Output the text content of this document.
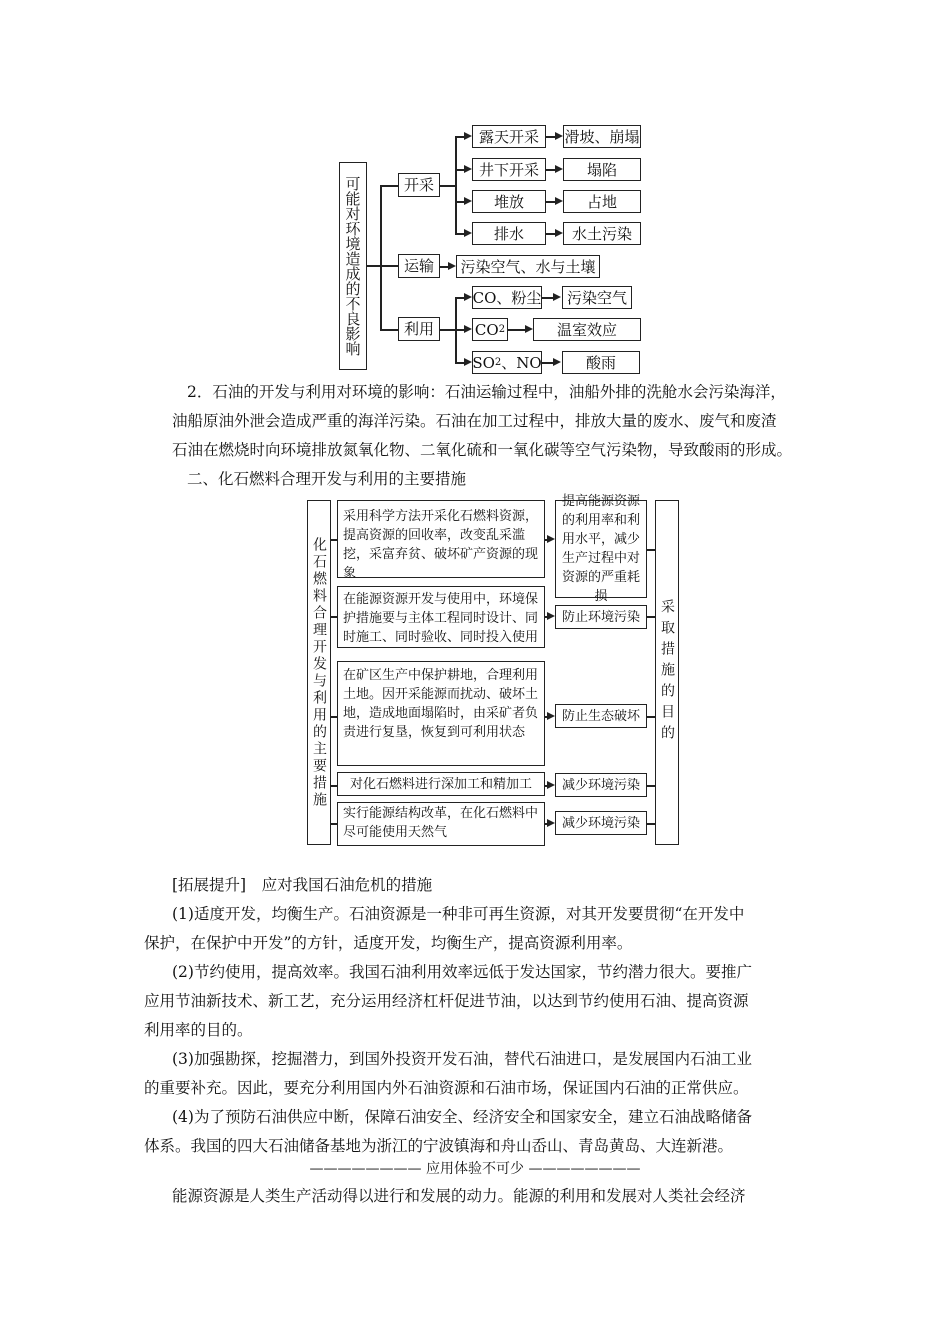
可能对环境造成的不良影响	开采
露天开采
井下开采
堆放
排水
滑坡、崩塌
塌陷
占地
水土污染
运输 污染空气、水与土壤
利用
CO、粉尘
CO 2
SO 2 、NO
污染空气
温室效应
酸雨
2．石油的开发与利用对环境的影响：石油运输过程中，油船外排的洗舱水会污染海洋，
油船原油外泄会造成严重的海洋污染。石油在加工过程中，排放大量的废水、废气和废渣
石油在燃烧时向环境排放氮氧化物、二氧化硫和一氧化碳等空气污染物，导致酸雨的形成。
二、化石燃料合理开发与利用的主要措施
化石燃料合理开发与利用的主要措施	采取措施的目的
采用科学方法开采化石燃料资源，提高资源的回收率，改变乱采滥挖，采富弃贫、破坏矿产资源的现象
在能源资源开发与使用中，环境保护措施要与主体工程同时设计、同时施工、同时验收、同时投入使用
在矿区生产中保护耕地，合理利用土地。因开采能源而扰动、破坏土地，造成地面塌陷时，由采矿者负责进行复垦，恢复到可利用状态
对化石燃料进行深加工和精加工
实行能源结构改革，在化石燃料中尽可能使用天然气
提高能源资源的利用率和利用水平，减少生产过程中对资源的严重耗损
防止环境污染
防止生态破坏
减少环境污染
减少环境污染
[拓展提升]　应对我国石油危机的措施
(1)适度开发，均衡生产。石油资源是一种非可再生资源，对其开发要贯彻“在开发中
保护，在保护中开发”的方针，适度开发，均衡生产，提高资源利用率。
(2)节约使用，提高效率。我国石油利用效率远低于发达国家，节约潜力很大。要推广
应用节油新技术、新工艺，充分运用经济杠杆促进节油，以达到节约使用石油、提高资源
利用率的目的。
(3)加强勘探，挖掘潜力，到国外投资开发石油，替代石油进口，是发展国内石油工业
的重要补充。因此，要充分利用国内外石油资源和石油市场，保证国内石油的正常供应。
(4)为了预防石油供应中断，保障石油安全、经济安全和国家安全，建立石油战略储备
体系。我国的四大石油储备基地为浙江的宁波镇海和舟山岙山、青岛黄岛、大连新港。
———————— 应用体验不可少 ————————
能源资源是人类生产活动得以进行和发展的动力。能源的利用和发展对人类社会经济
